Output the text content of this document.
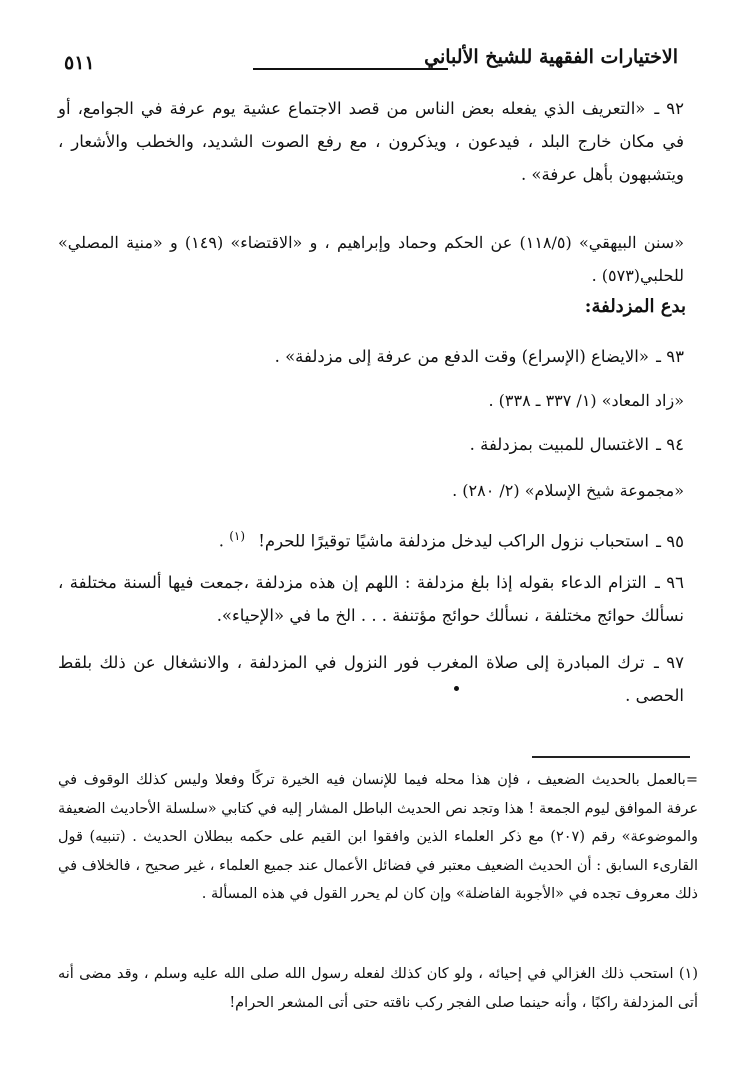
الاختيارات الفقهية للشيخ الألباني
٥١١
٩٢ ـ «التعريف الذي يفعله بعض الناس من قصد الاجتماع عشية يوم عرفة في الجوامع، أو في مكان خارج البلد ، فيدعون ، ويذكرون ، مع رفع الصوت الشديد، والخطب والأشعار ، ويتشبهون بأهل عرفة» .
«سنن البيهقي» (١١٨/٥) عن الحكم وحماد وإبراهيم ، و «الاقتضاء» (١٤٩) و «منية المصلي» للحلبي(٥٧٣) .
بدع المزدلفة:
٩٣ ـ «الايضاع (الإسراع) وقت الدفع من عرفة إلى مزدلفة» .
«زاد المعاد» (١/ ٣٣٧ ـ ٣٣٨) .
٩٤ ـ الاغتسال للمبيت بمزدلفة .
«مجموعة شيخ الإسلام» (٢/ ٢٨٠) .
٩٥ ـ استحباب نزول الراكب ليدخل مزدلفة ماشيًا توقيرًا للحرم! $^{(١)}$ .
٩٦ ـ التزام الدعاء بقوله إذا بلغ مزدلفة : اللهم إن هذه مزدلفة ،جمعت فيها ألسنة مختلفة ، نسألك حوائج مختلفة ، نسألك حوائج مؤتنفة . . . الخ ما في «الإحياء».
٩٧ ـ ترك المبادرة إلى صلاة المغرب فور النزول في المزدلفة ، والانشغال عن ذلك بلقط الحصى .
=بالعمل بالحديث الضعيف ، فإن هذا محله فيما للإنسان فيه الخيرة تركًا وفعلا وليس كذلك الوقوف في عرفة الموافق ليوم الجمعة ! هذا وتجد نص الحديث الباطل المشار إليه في كتابي «سلسلة الأحاديث الضعيفة والموضوعة» رقم (٢٠٧) مع ذكر العلماء الذين وافقوا ابن القيم على حكمه ببطلان الحديث . (تنبيه) قول القارىء السابق : أن الحديث الضعيف معتبر في فضائل الأعمال عند جميع العلماء ، غير صحيح ، فالخلاف في ذلك معروف تجده في «الأجوبة الفاضلة» وإن كان لم يحرر القول في هذه المسألة .
(١) استحب ذلك الغزالي في إحيائه ، ولو كان كذلك لفعله رسول الله صلى الله عليه وسلم ، وقد مضى أنه أتى المزدلفة راكبًا ، وأنه حينما صلى الفجر ركب ناقته حتى أتى المشعر الحرام!
